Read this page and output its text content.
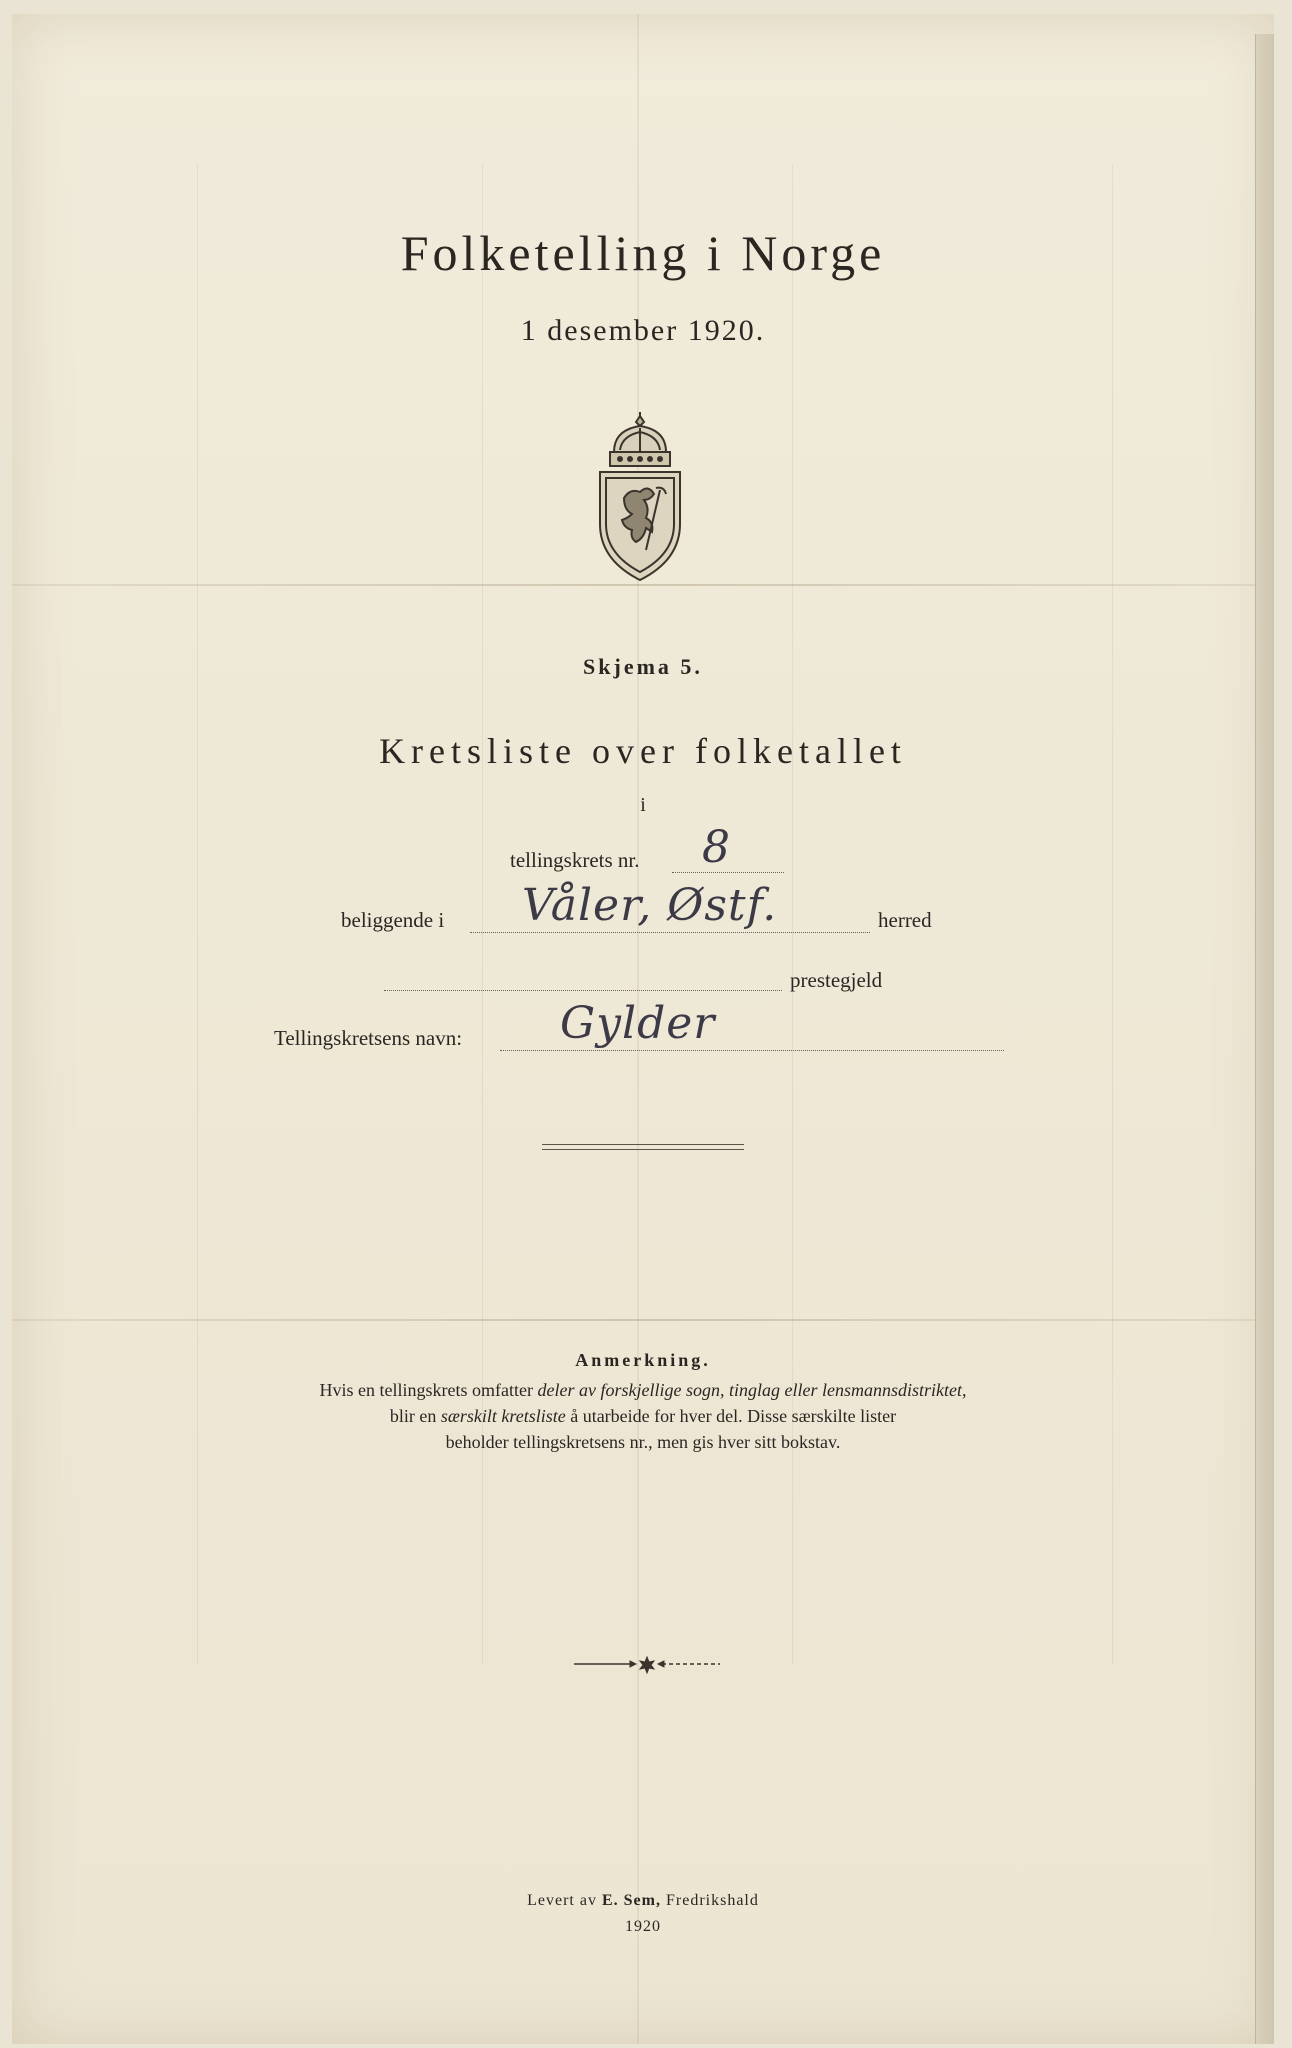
Folketelling i Norge
1 desember 1920.
Skjema 5.
Kretsliste over folketallet
i
tellingskrets nr. 8
beliggende i Våler, Østf.	herred
prestegjeld
Tellingskretsens navn: Gylder
Anmerkning.
Hvis en tellingskrets omfatter deler av forskjellige sogn, tinglag eller lensmannsdistriktet,
blir en særskilt kretsliste å utarbeide for hver del. Disse særskilte lister
beholder tellingskretsens nr., men gis hver sitt bokstav.
Levert av E. Sem, Fredrikshald
1920
